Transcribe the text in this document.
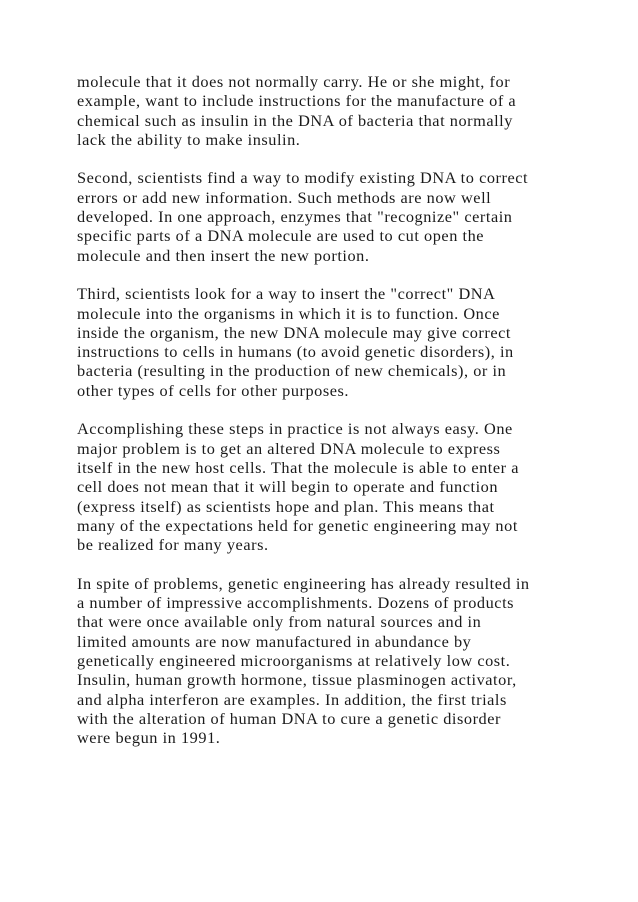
molecule that it does not normally carry. He or she might, for
example, want to include instructions for the manufacture of a
chemical such as insulin in the DNA of bacteria that normally
lack the ability to make insulin.
Second, scientists find a way to modify existing DNA to correct
errors or add new information. Such methods are now well
developed. In one approach, enzymes that "recognize" certain
specific parts of a DNA molecule are used to cut open the
molecule and then insert the new portion.
Third, scientists look for a way to insert the "correct" DNA
molecule into the organisms in which it is to function. Once
inside the organism, the new DNA molecule may give correct
instructions to cells in humans (to avoid genetic disorders), in
bacteria (resulting in the production of new chemicals), or in
other types of cells for other purposes.
Accomplishing these steps in practice is not always easy. One
major problem is to get an altered DNA molecule to express
itself in the new host cells. That the molecule is able to enter a
cell does not mean that it will begin to operate and function
(express itself) as scientists hope and plan. This means that
many of the expectations held for genetic engineering may not
be realized for many years.
In spite of problems, genetic engineering has already resulted in
a number of impressive accomplishments. Dozens of products
that were once available only from natural sources and in
limited amounts are now manufactured in abundance by
genetically engineered microorganisms at relatively low cost.
Insulin, human growth hormone, tissue plasminogen activator,
and alpha interferon are examples. In addition, the first trials
with the alteration of human DNA to cure a genetic disorder
were begun in 1991.
